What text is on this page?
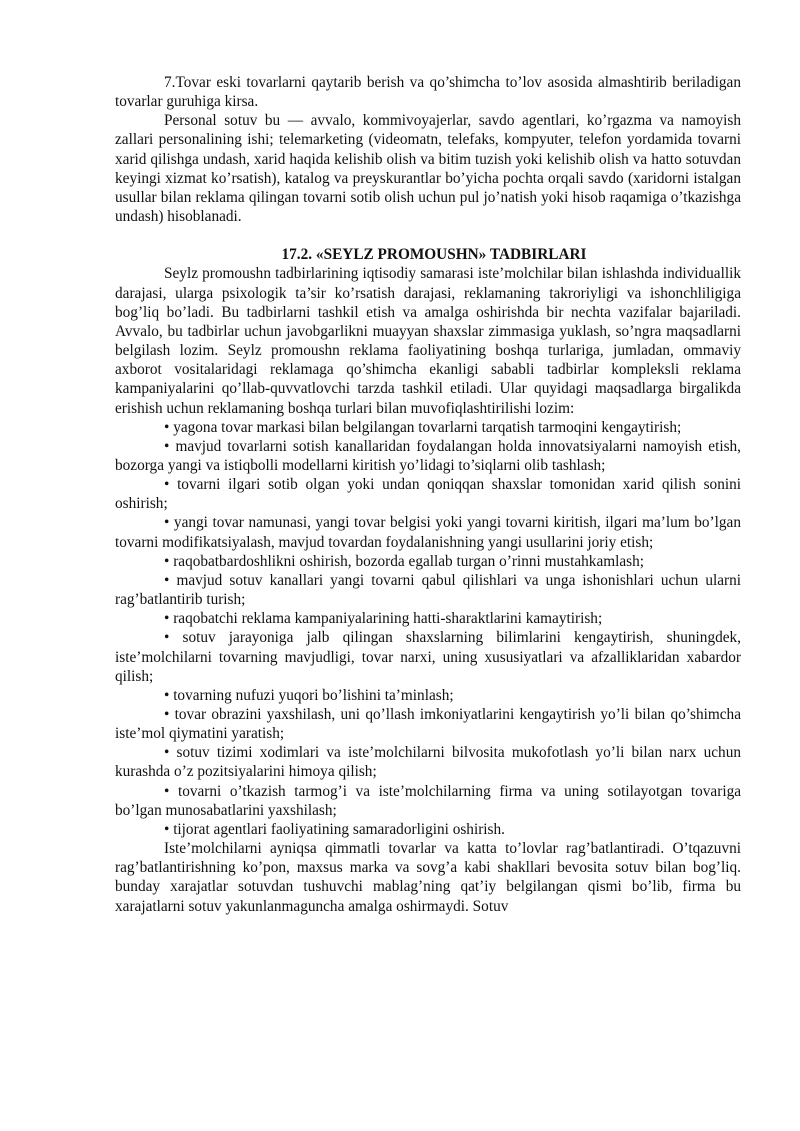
7.Tovar eski tovarlarni qaytarib berish va qo’shimcha to’lov asosida almashtirib beriladigan tovarlar guruhiga kirsa.

Personal sotuv bu — avvalo, kommivoyajerlar, savdo agentlari, ko’rgazma va namoyish zallari personalining ishi; telemarketing (videomatn, telefaks, kompyuter, telefon yordamida tovarni xarid qilishga undash, xarid haqida kelishib olish va bitim tuzish yoki kelishib olish va hatto sotuvdan keyingi xizmat ko’rsatish), katalog va preyskurantlar bo’yicha pochta orqali savdo (xaridorni istalgan usullar bilan reklama qilingan tovarni sotib olish uchun pul jo’natish yoki hisob raqamiga o’tkazishga undash) hisoblanadi.

17.2. «SEYLZ PROMOUSHN» TADBIRLARI

Seylz promoushn tadbirlarining iqtisodiy samarasi iste’molchilar bilan ishlashda individuallik darajasi, ularga psixologik ta’sir ko’rsatish darajasi, reklamaning takroriyligi va ishonchliligiga bog’liq bo’ladi. Bu tadbirlarni tashkil etish va amalga oshirishda bir nechta vazifalar bajariladi. Avvalo, bu tadbirlar uchun javobgarlikni muayyan shaxslar zimmasiga yuklash, so’ngra maqsadlarni belgilash lozim. Seylz promoushn reklama faoliyatining boshqa turlariga, jumladan, ommaviy axborot vositalaridagi reklamaga qo’shimcha ekanligi sababli tadbirlar kompleksli reklama kampaniyalarini qo’llab-quvvatlovchi tarzda tashkil etiladi. Ular quyidagi maqsadlarga birgalikda erishish uchun reklamaning boshqa turlari bilan muvofiqlashtirilishi lozim:

• yagona tovar markasi bilan belgilangan tovarlarni tarqatish tarmoqini kengaytirish;

• mavjud tovarlarni sotish kanallaridan foydalangan holda innovatsiyalarni namoyish etish, bozorga yangi va istiqbolli modellarni kiritish yo’lidagi to’siqlarni olib tashlash;

• tovarni ilgari sotib olgan yoki undan qoniqqan shaxslar tomonidan xarid qilish sonini oshirish;

• yangi tovar namunasi, yangi tovar belgisi yoki yangi tovarni kiritish, ilgari ma’lum bo’lgan tovarni modifikatsiyalash, mavjud tovardan foydalanishning yangi usullarini joriy etish;

• raqobatbardoshlikni oshirish, bozorda egallab turgan o’rinni mustahkamlash;

• mavjud sotuv kanallari yangi tovarni qabul qilishlari va unga ishonishlari uchun ularni rag’batlantirib turish;

• raqobatchi reklama kampaniyalarining hatti-sharaktlarini kamaytirish;

• sotuv jarayoniga jalb qilingan shaxslarning bilimlarini kengaytirish, shuningdek, iste’molchilarni tovarning mavjudligi, tovar narxi, uning xususiyatlari va afzalliklaridan xabardor qilish;

• tovarning nufuzi yuqori bo’lishini ta’minlash;

• tovar obrazini yaxshilash, uni qo’llash imkoniyatlarini kengaytirish yo’li bilan qo’shimcha iste’mol qiymatini yaratish;

• sotuv tizimi xodimlari va iste’molchilarni bilvosita mukofotlash yo’li bilan narx uchun kurashda o’z pozitsiyalarini himoya qilish;

• tovarni o’tkazish tarmog’i va iste’molchilarning firma va uning sotilayotgan tovariga bo’lgan munosabatlarini yaxshilash;

• tijorat agentlari faoliyatining samaradorligini oshirish.

Iste’molchilarni ayniqsa qimmatli tovarlar va katta to’lovlar rag’batlantiradi. O’tqazuvni rag’batlantirishning ko’pon, maxsus marka va sovg’a kabi shakllari bevosita sotuv bilan bog’liq. bunday xarajatlar sotuvdan tushuvchi mablag’ning qat’iy belgilangan qismi bo’lib, firma bu xarajatlarni sotuv yakunlanmaguncha amalga oshirmaydi. Sotuv
